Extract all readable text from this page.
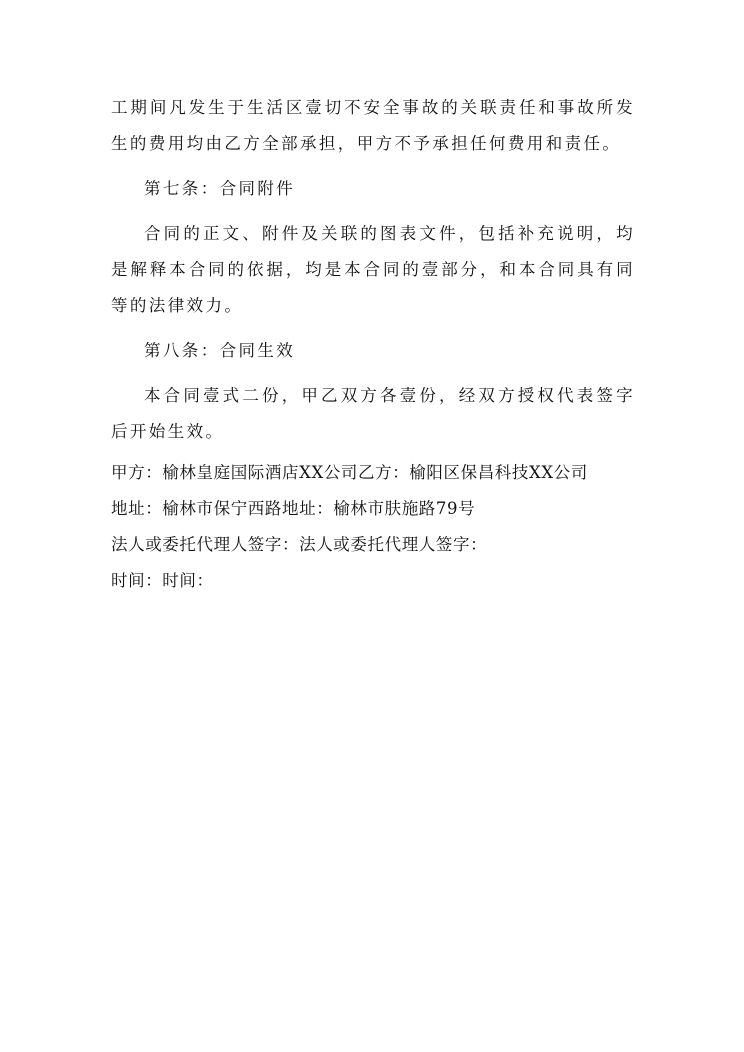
工期间凡发生于生活区壹切不安全事故的关联责任和事故所发生的费用均由乙方全部承担，甲方不予承担任何费用和责任。

第七条：合同附件

合同的正文、附件及关联的图表文件，包括补充说明，均是解释本合同的依据，均是本合同的壹部分，和本合同具有同等的法律效力。

第八条：合同生效

本合同壹式二份，甲乙双方各壹份，经双方授权代表签字后开始生效。

甲方：榆林皇庭国际酒店XX公司乙方：榆阳区保昌科技XX公司

地址：榆林市保宁西路地址：榆林市肤施路79号

法人或委托代理人签字：法人或委托代理人签字：

时间：时间：
